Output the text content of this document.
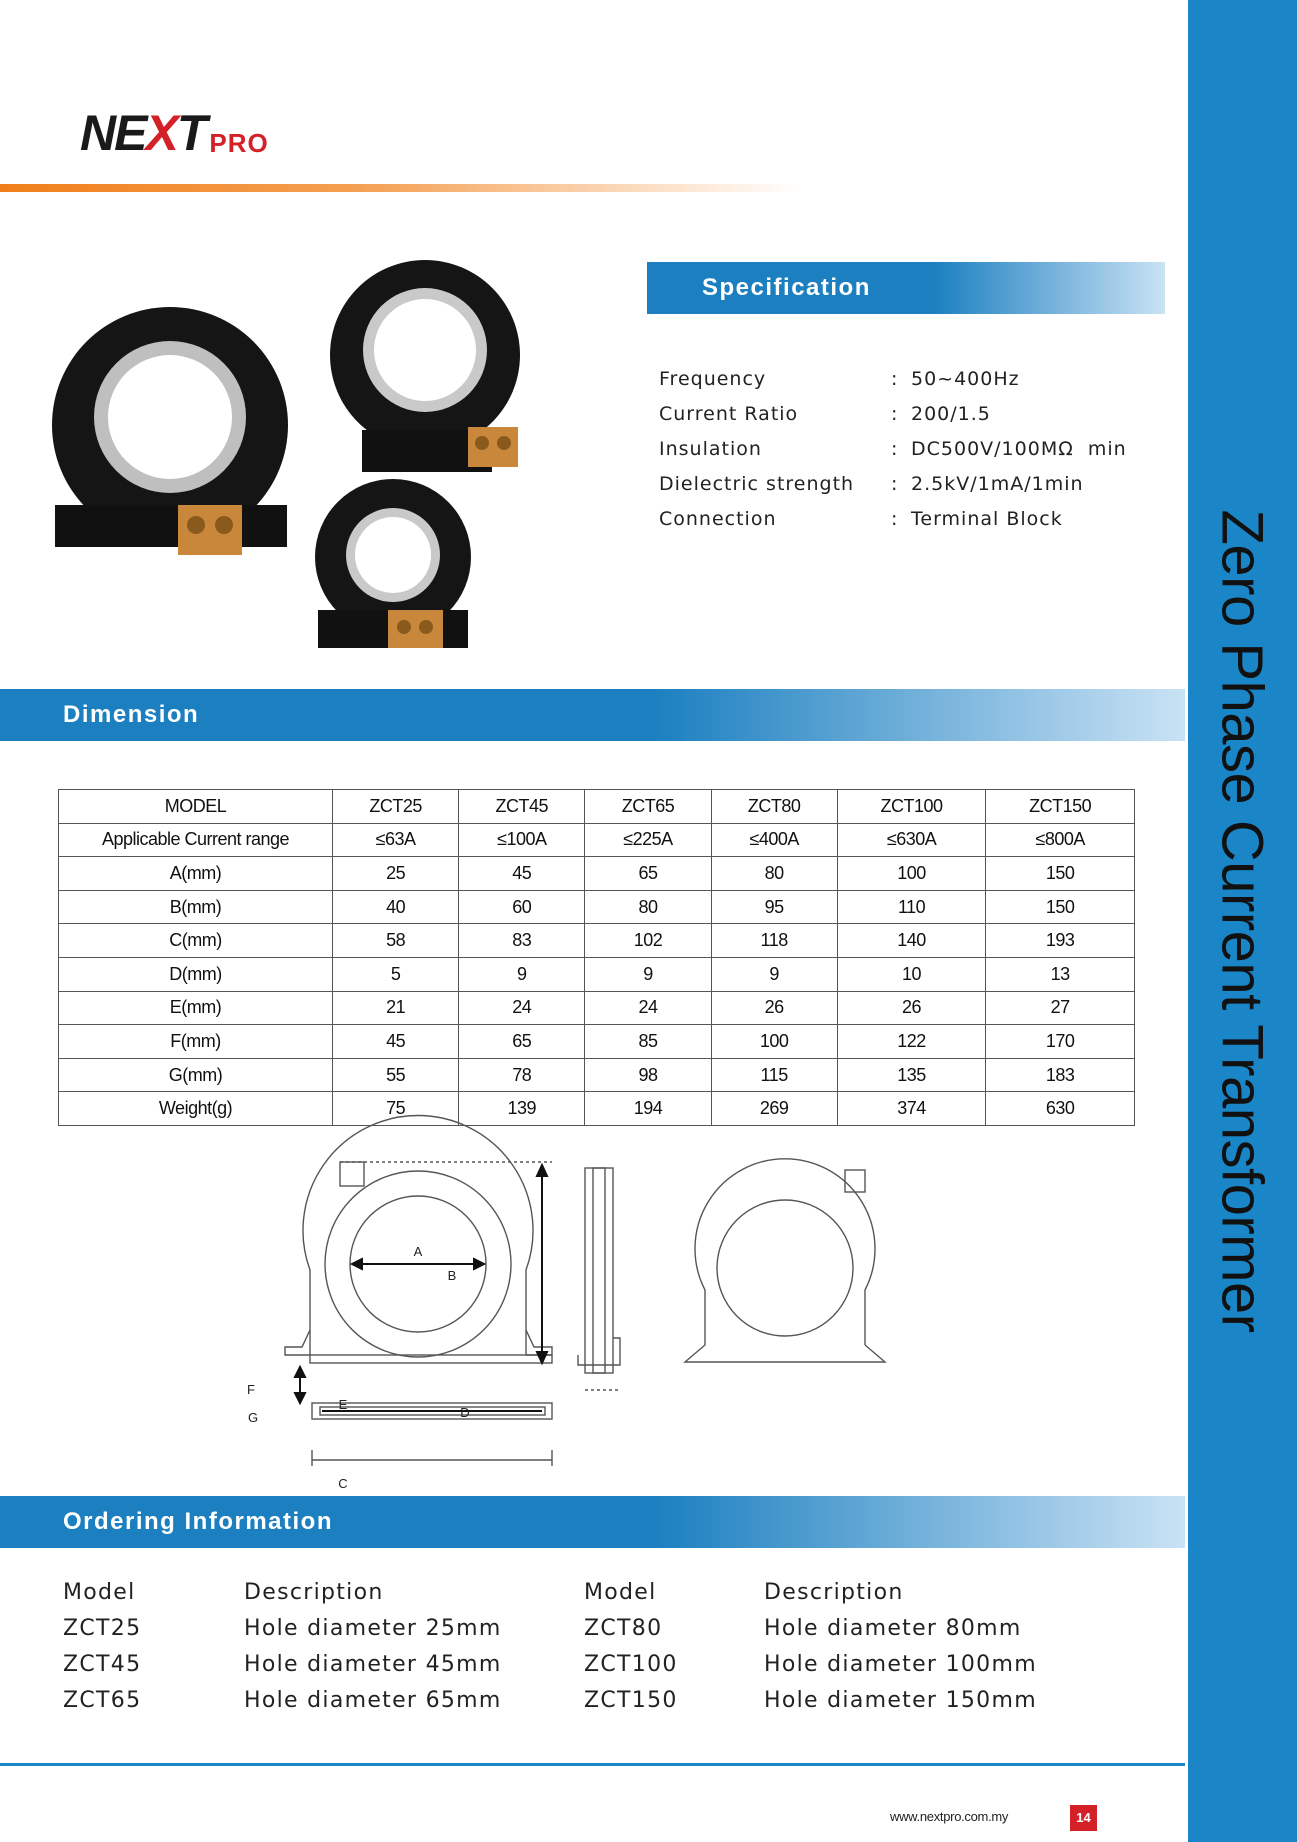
Zero Phase Current Transformer
NEXT PRO
Specification
Frequency	: 50~400Hz
Current Ratio	: 200/1.5
Insulation	: DC500V/100MΩ  min
Dielectric strength	: 2.5kV/1mA/1min
Connection	: Terminal Block
Dimension
MODEL	ZCT25	ZCT45	ZCT65	ZCT80	ZCT100	ZCT150
Applicable Current range	≤63A	≤100A	≤225A	≤400A	≤630A	≤800A
A(mm)	25	45	65	80	100	150
B(mm)	40	60	80	95	110	150
C(mm)	58	83	102	118	140	193
D(mm)	5	9	9	9	10	13
E(mm)	21	24	24	26	26	27
F(mm)	45	65	85	100	122	170
G(mm)	55	78	98	115	135	183
Weight(g)	75	139	194	269	374	630
A
B
C
D
E
F
G
Ordering Information
Model	Description	Model	Description
ZCT25	Hole diameter 25mm	ZCT80	Hole diameter 80mm
ZCT45	Hole diameter 45mm	ZCT100	Hole diameter 100mm
ZCT65	Hole diameter 65mm	ZCT150	Hole diameter 150mm
www.nextpro.com.my	14
